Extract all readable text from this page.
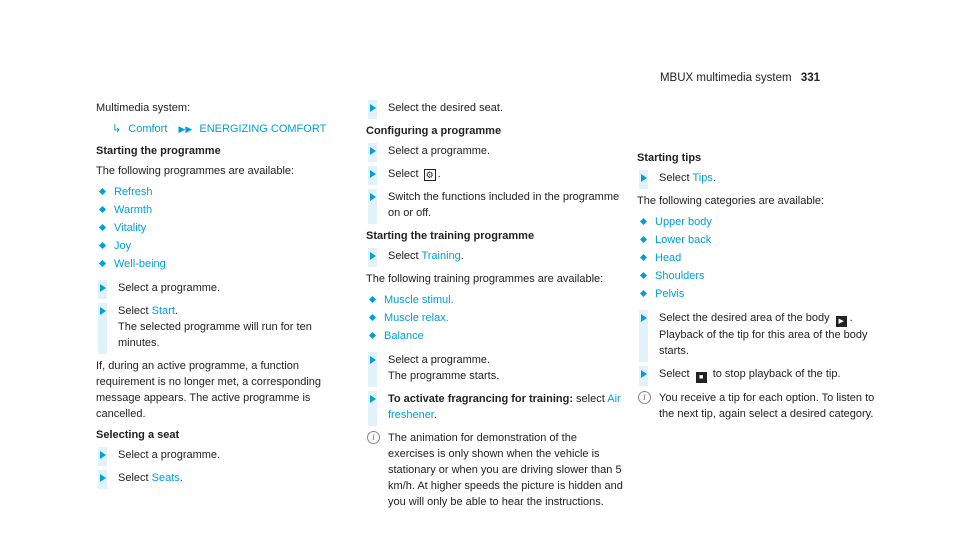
MBUX multimedia system 331
Multimedia system:
↳ Comfort ▶▶ ENERGIZING COMFORT
Starting the programme
The following programmes are available:
Refresh
Warmth
Vitality
Joy
Well-being
Select a programme.
Select Start.
The selected programme will run for ten minutes.
If, during an active programme, a function requirement is no longer met, a corresponding message appears. The active programme is cancelled.
Selecting a seat
Select a programme.
Select Seats.
Select the desired seat.
Configuring a programme
Select a programme.
Select ⚙ .
Switch the functions included in the programme on or off.
Starting the training programme
Select Training.
The following training programmes are available:
Muscle stimul.
Muscle relax.
Balance
Select a programme.
The programme starts.
To activate fragrancing for training: select Air freshener.
i	The animation for demonstration of the exercises is only shown when the vehicle is stationary or when you are driving slower than 5 km/h. At higher speeds the picture is hidden and you will only be able to hear the instructions.
Starting tips
Select Tips.
The following categories are available:
Upper body
Lower back
Head
Shoulders
Pelvis
Select the desired area of the body ▶ .
Playback of the tip for this area of the body starts.
Select ■ to stop playback of the tip.
i	You receive a tip for each option. To listen to the next tip, again select a desired category.
